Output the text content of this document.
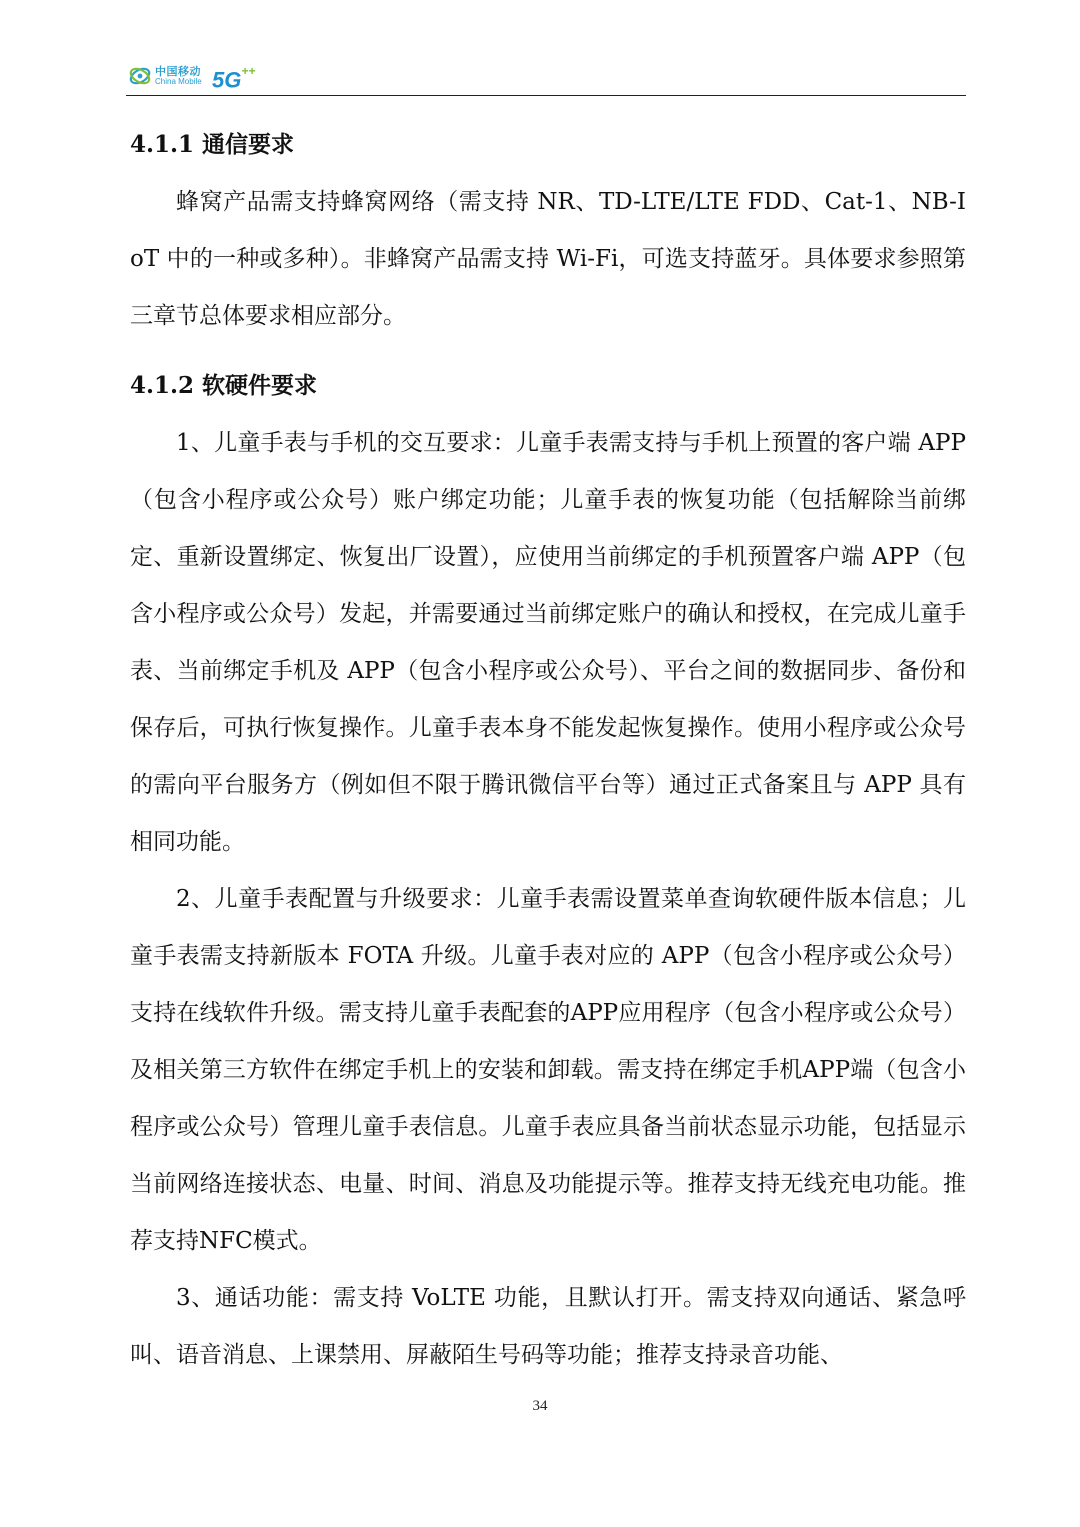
中国移动
China Mobile 5G++
4.1.1 通信要求

蜂窝产品需支持蜂窝网络（需支持 NR、TD-LTE/LTE FDD、Cat-1、NB-IoT 中的一种或多种）。非蜂窝产品需支持 Wi-Fi，可选支持蓝牙。具体要求参照第三章节总体要求相应部分。

4.1.2 软硬件要求

1、儿童手表与手机的交互要求：儿童手表需支持与手机上预置的客户端 APP（包含小程序或公众号）账户绑定功能；儿童手表的恢复功能（包括解除当前绑定、重新设置绑定、恢复出厂设置），应使用当前绑定的手机预置客户端 APP（包含小程序或公众号）发起，并需要通过当前绑定账户的确认和授权，在完成儿童手表、当前绑定手机及 APP（包含小程序或公众号）、平台之间的数据同步、备份和保存后，可执行恢复操作。儿童手表本身不能发起恢复操作。使用小程序或公众号的需向平台服务方（例如但不限于腾讯微信平台等）通过正式备案且与 APP 具有相同功能。

2、儿童手表配置与升级要求：儿童手表需设置菜单查询软硬件版本信息；儿童手表需支持新版本 FOTA 升级。儿童手表对应的 APP（包含小程序或公众号）支持在线软件升级。需支持儿童手表配套的APP应用程序（包含小程序或公众号）及相关第三方软件在绑定手机上的安装和卸载。需支持在绑定手机APP端（包含小程序或公众号）管理儿童手表信息。儿童手表应具备当前状态显示功能，包括显示当前网络连接状态、电量、时间、消息及功能提示等。推荐支持无线充电功能。推荐支持NFC模式。

3、通话功能：需支持 VoLTE 功能，且默认打开。需支持双向通话、紧急呼叫、语音消息、上课禁用、屏蔽陌生号码等功能；推荐支持录音功能、

34
